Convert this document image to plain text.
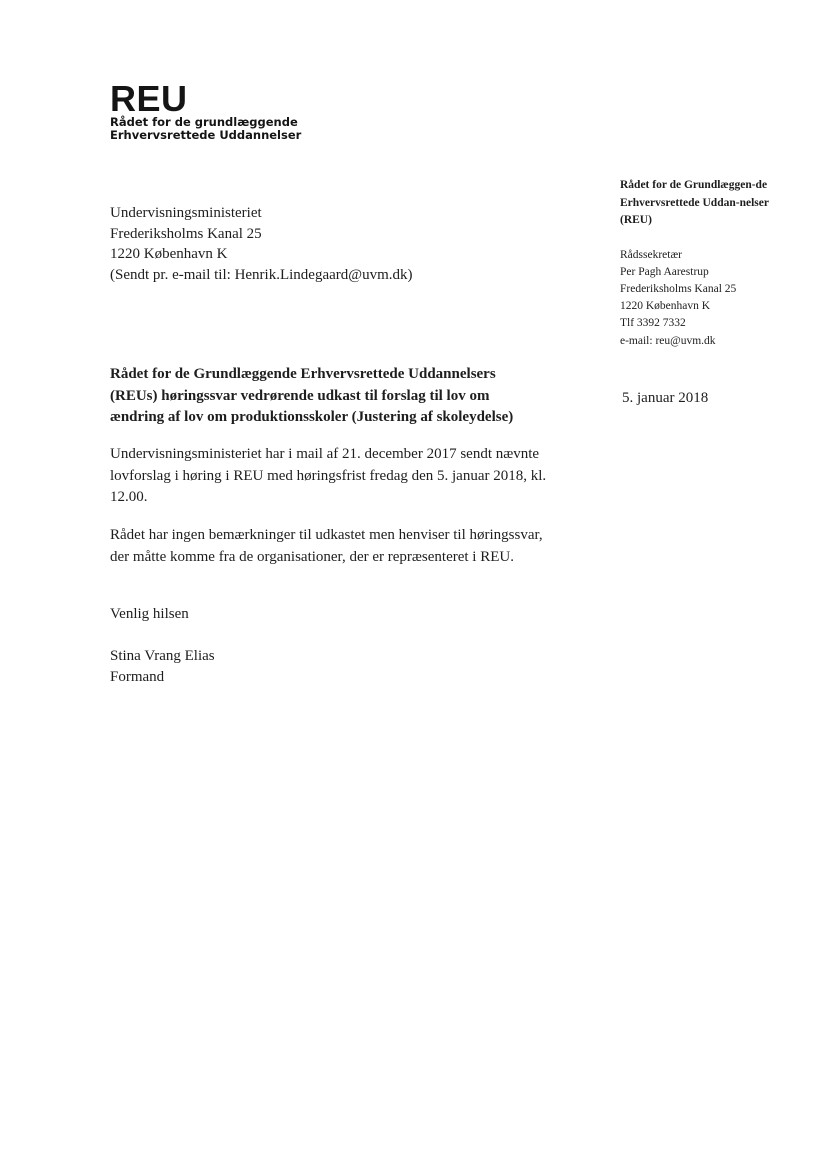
REU
Rådet for de grundlæggende
Erhvervsrettede Uddannelser
Undervisningsministeriet
Frederiksholms Kanal 25
1220 København K
(Sendt pr. e-mail til: Henrik.Lindegaard@uvm.dk)
Rådet for de Grundlæggen-de Erhvervsrettede Uddan-nelser (REU)
Rådssekretær
Per Pagh Aarestrup
Frederiksholms Kanal 25
1220 København K
Tlf 3392 7332
e-mail: reu@uvm.dk
5. januar 2018
Rådet for de Grundlæggende Erhvervsrettede Uddannelsers (REUs) høringssvar vedrørende udkast til forslag til lov om ændring af lov om produktionsskoler (Justering af skoleydelse)
Undervisningsministeriet har i mail af 21. december 2017 sendt nævnte lovforslag i høring i REU med høringsfrist fredag den 5. januar 2018, kl. 12.00.
Rådet har ingen bemærkninger til udkastet men henviser til høringssvar, der måtte komme fra de organisationer, der er repræsenteret i REU.
Venlig hilsen
Stina Vrang Elias
Formand
